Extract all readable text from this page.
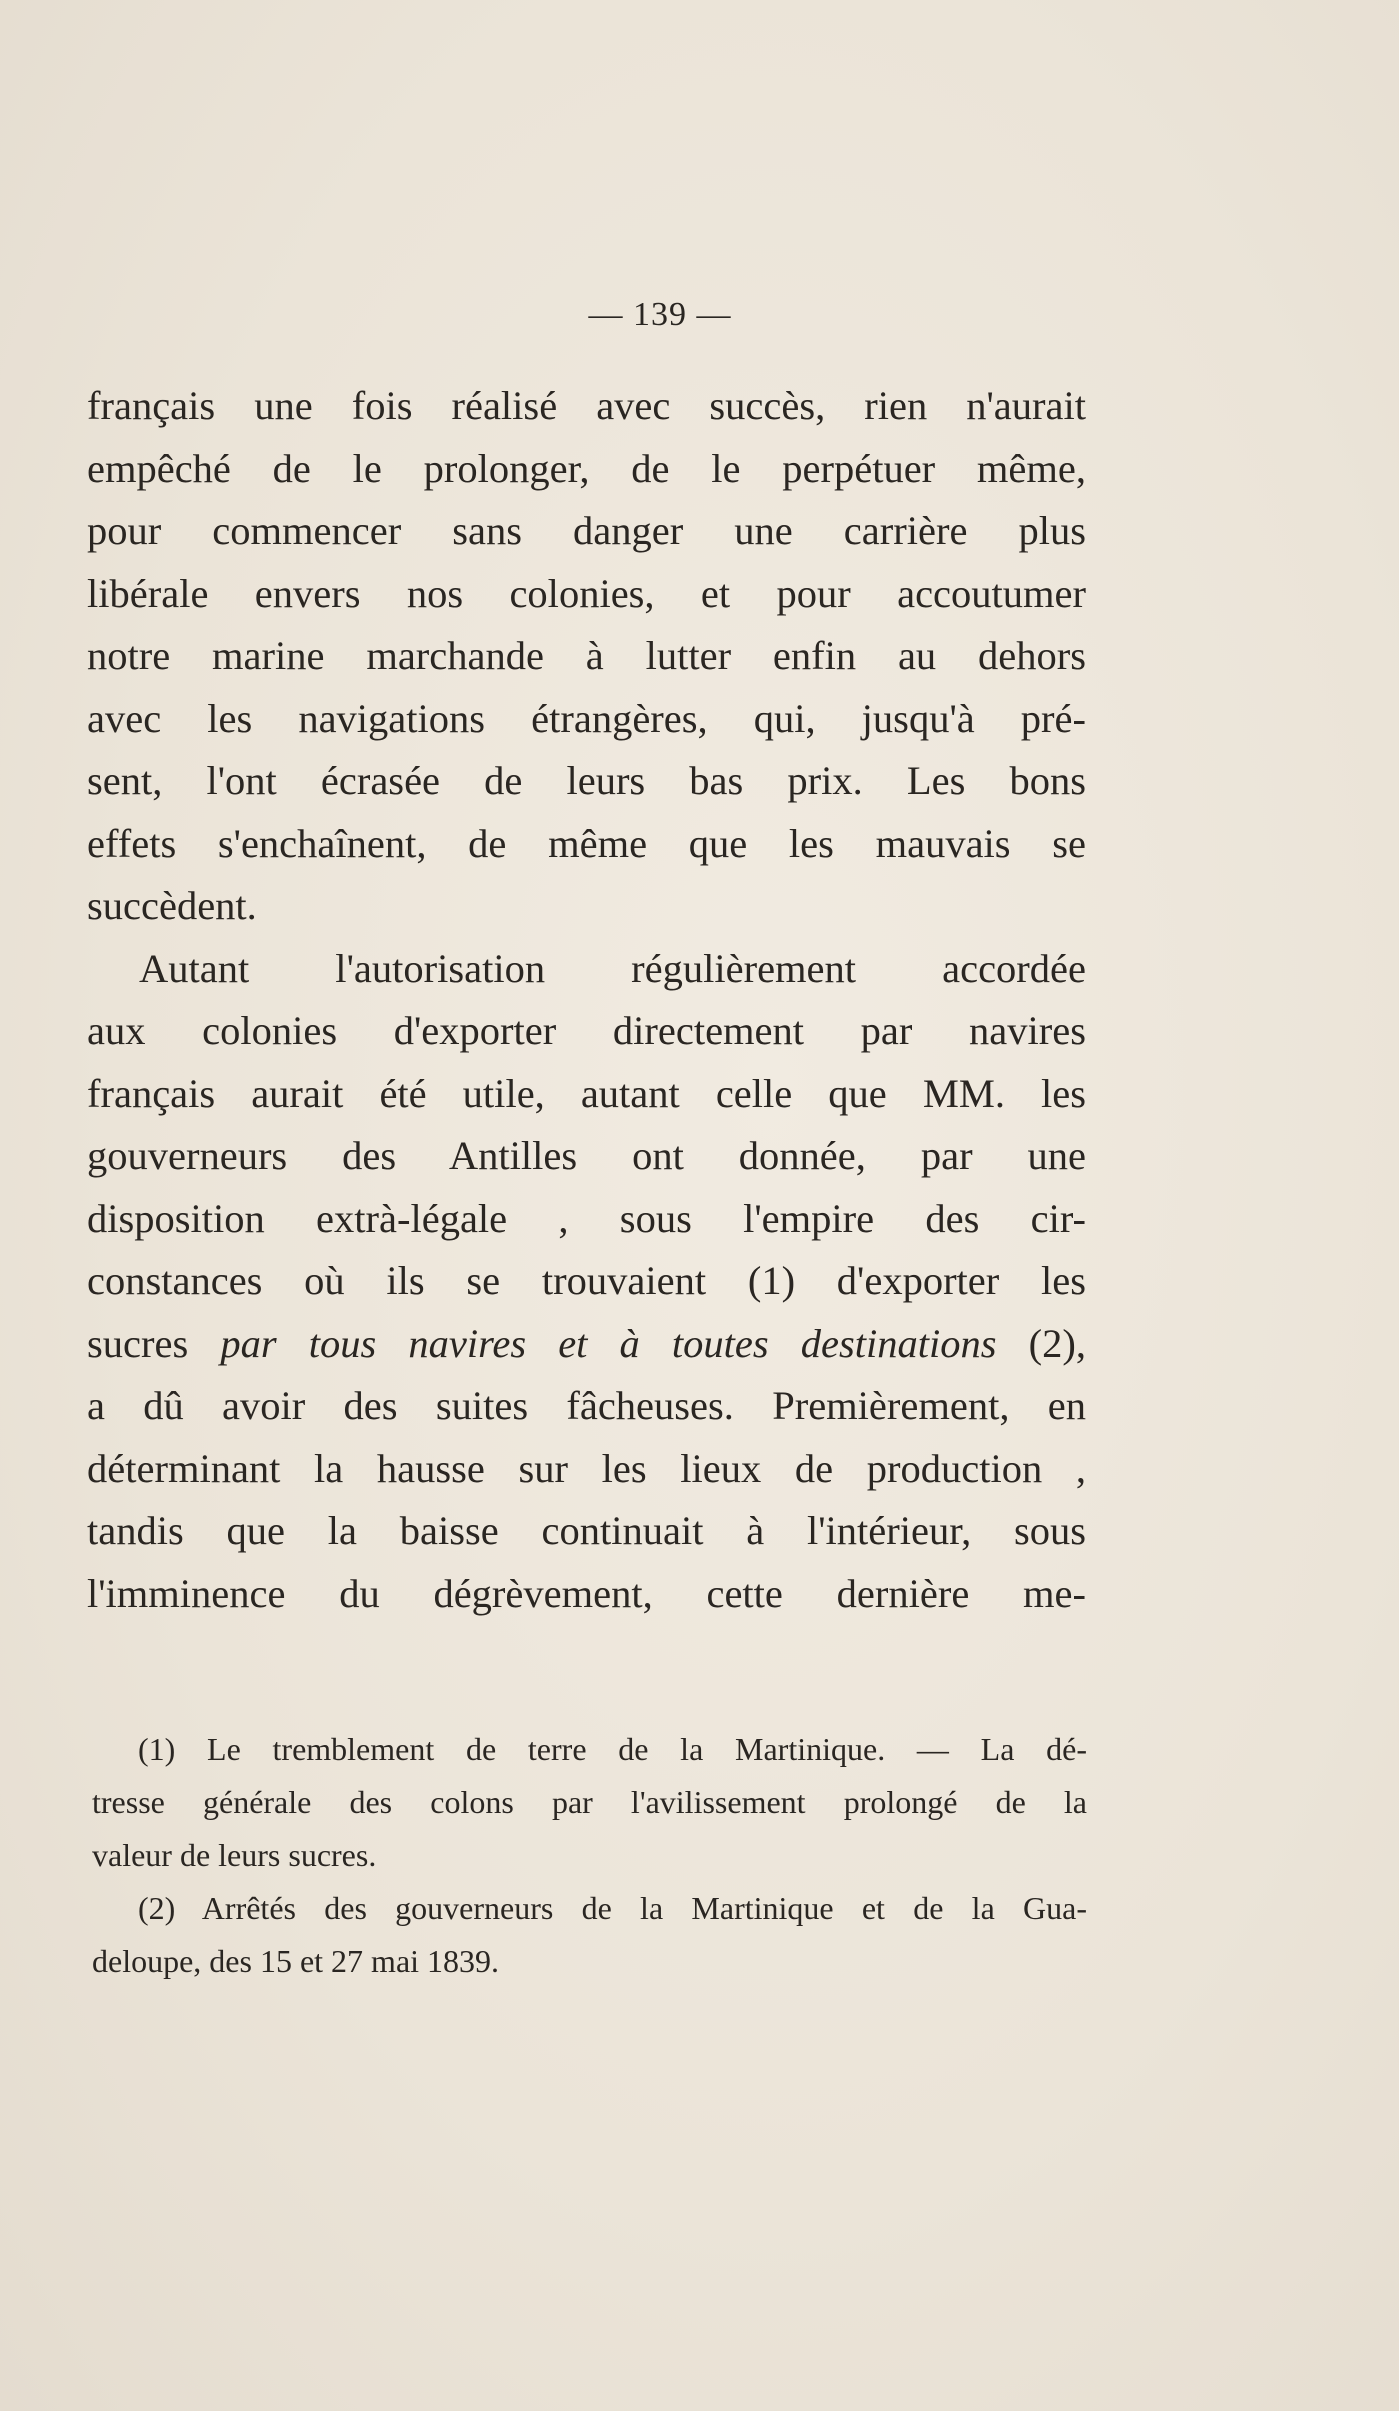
— 139 —
français une fois réalisé avec succès, rien n'aurait
empêché de le prolonger, de le perpétuer même,
pour commencer sans danger une carrière plus
libérale envers nos colonies, et pour accoutumer
notre marine marchande à lutter enfin au dehors
avec les navigations étrangères, qui, jusqu'à pré-
sent, l'ont écrasée de leurs bas prix. Les bons
effets s'enchaînent, de même que les mauvais se
succèdent.
Autant l'autorisation régulièrement accordée
aux colonies d'exporter directement par navires
français aurait été utile, autant celle que MM. les
gouverneurs des Antilles ont donnée, par une
disposition extrà-légale , sous l'empire des cir-
constances où ils se trouvaient (1) d'exporter les
sucres par tous navires et à toutes destinations (2),
a dû avoir des suites fâcheuses. Premièrement, en
déterminant la hausse sur les lieux de production ,
tandis que la baisse continuait à l'intérieur, sous
l'imminence du dégrèvement, cette dernière me-
(1) Le tremblement de terre de la Martinique. — La dé-
tresse générale des colons par l'avilissement prolongé de la
valeur de leurs sucres.
(2) Arrêtés des gouverneurs de la Martinique et de la Gua-
deloupe, des 15 et 27 mai 1839.
